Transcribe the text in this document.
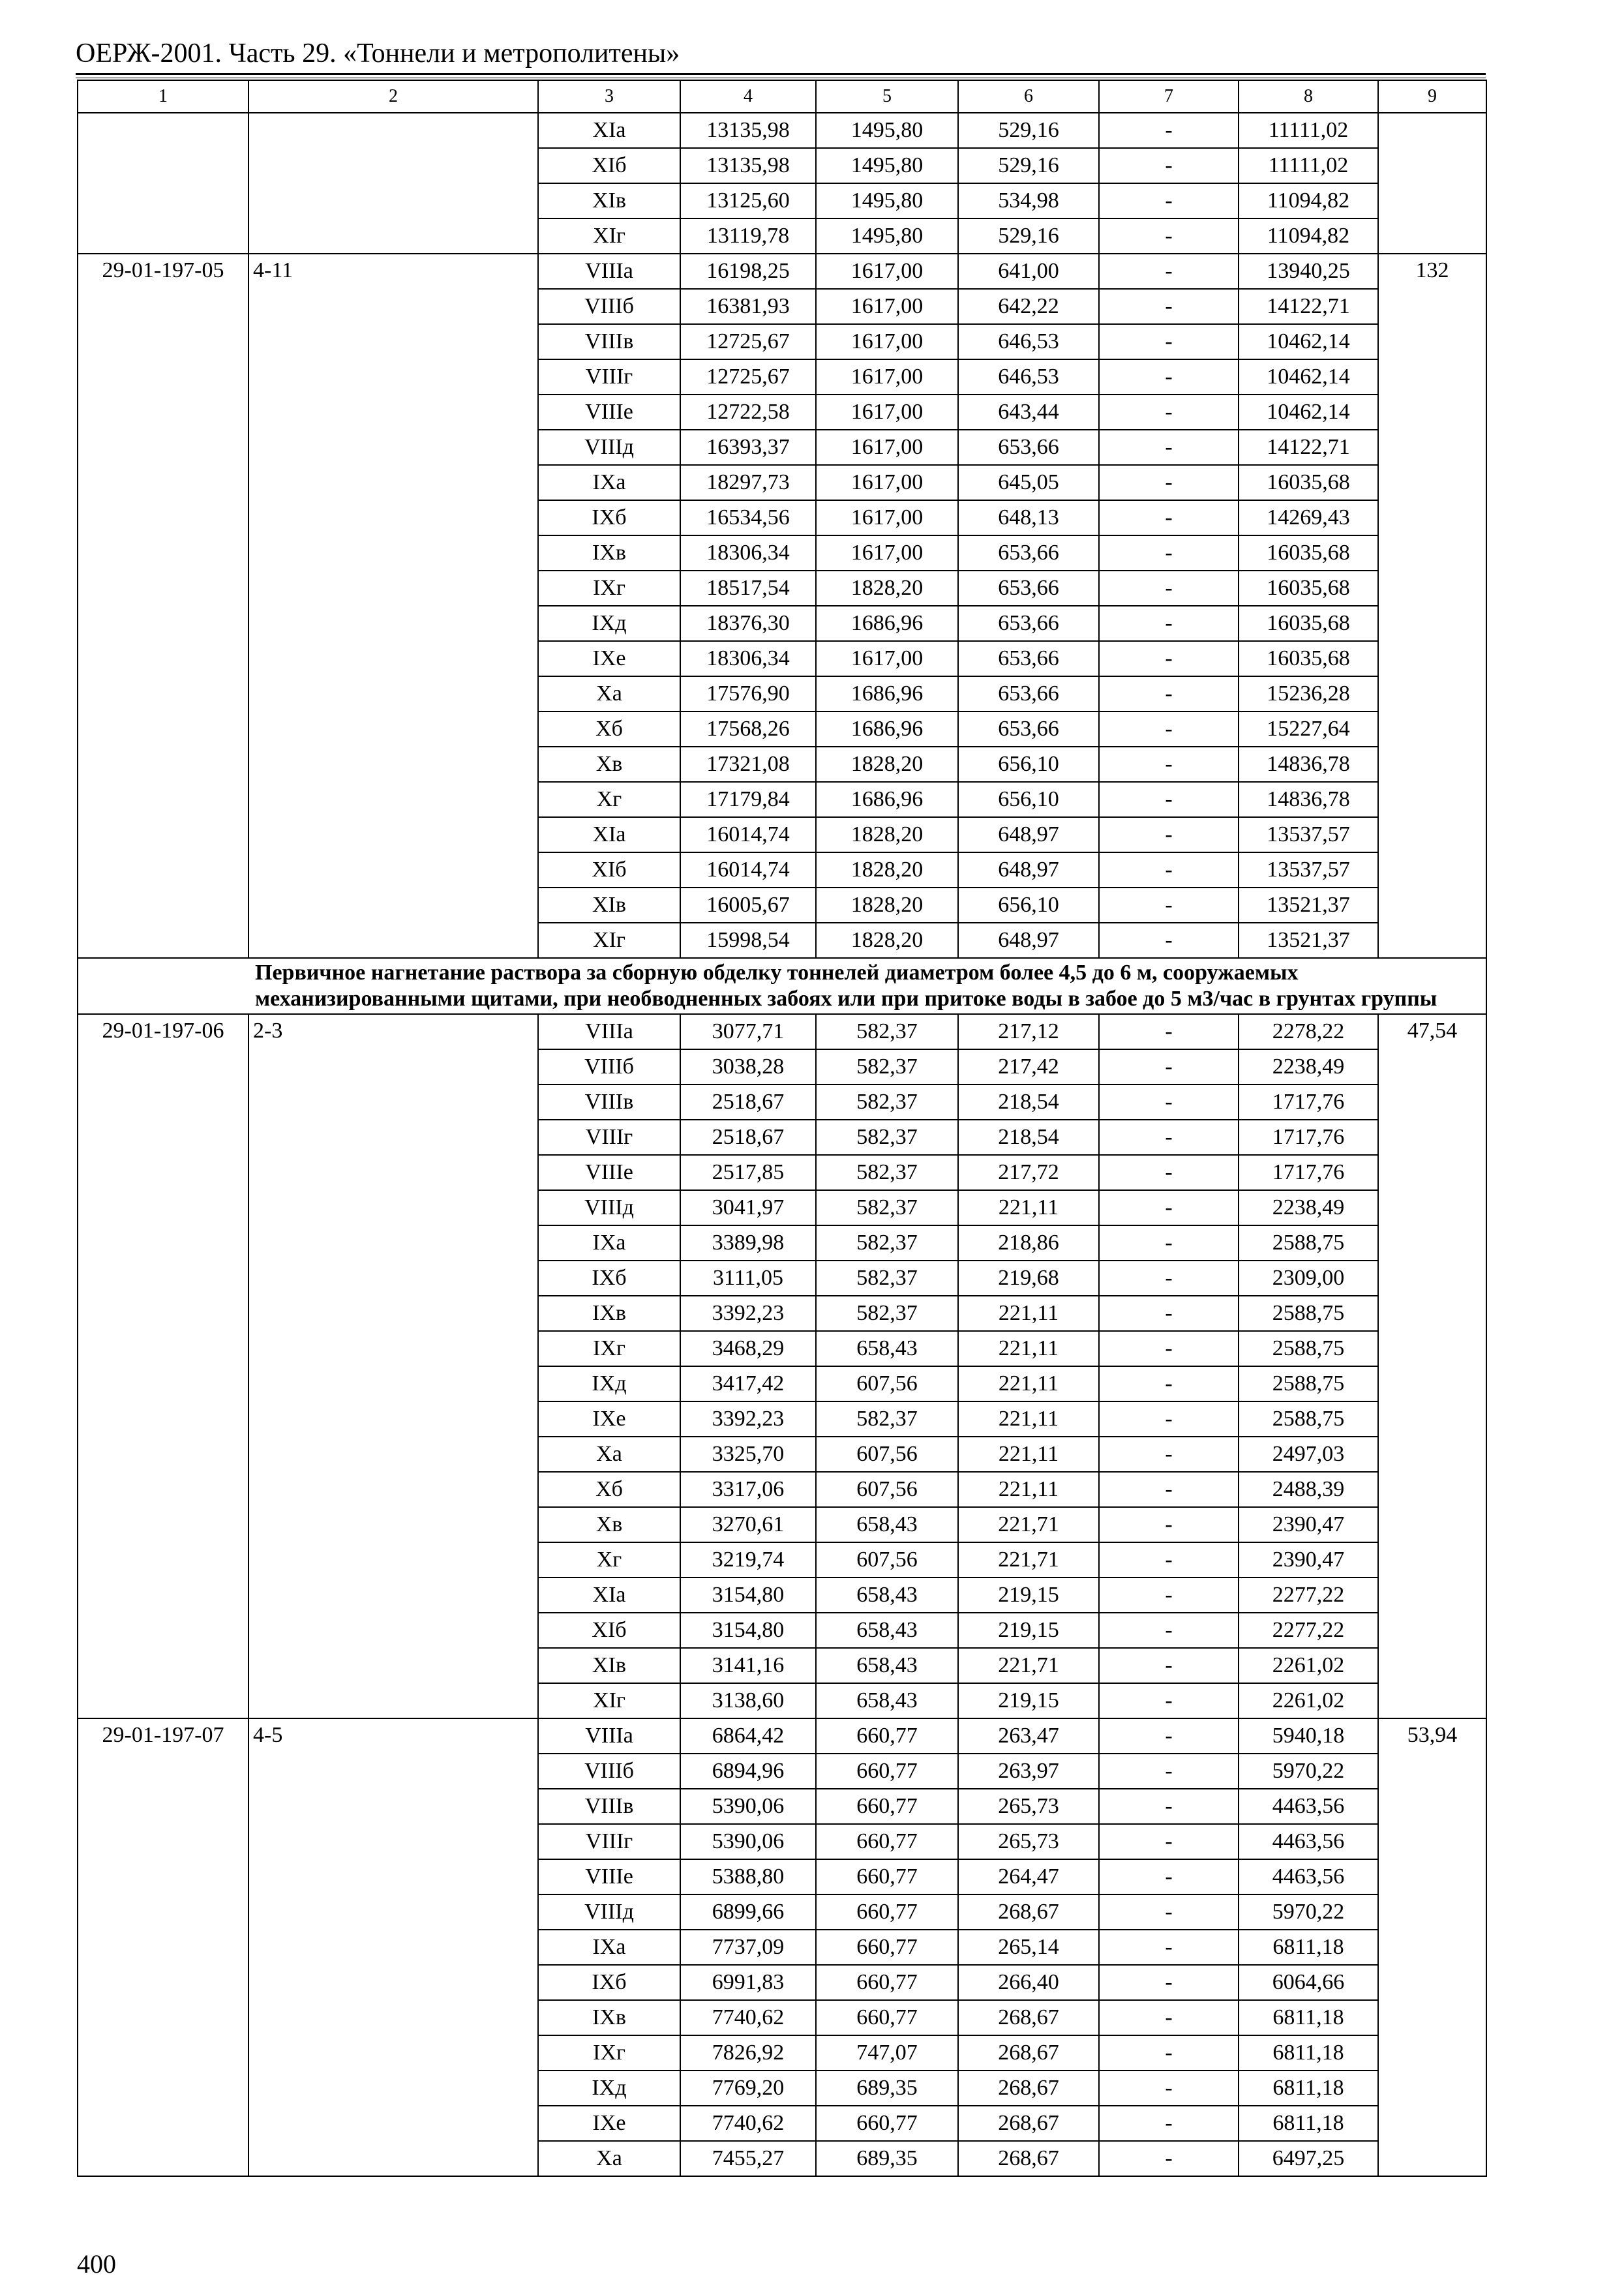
ОЕРЖ-2001. Часть 29. «Тоннели и метрополитены»
1	2	3	4	5	6	7	8	9
		XIа	13135,98	1495,80	529,16	-	11111,02	
		XIб	13135,98	1495,80	529,16	-	11111,02	
		XIв	13125,60	1495,80	534,98	-	11094,82	
		XIг	13119,78	1495,80	529,16	-	11094,82	
29-01-197-05	4-11	VIIIа	16198,25	1617,00	641,00	-	13940,25	132
		VIIIб	16381,93	1617,00	642,22	-	14122,71	
		VIIIв	12725,67	1617,00	646,53	-	10462,14	
		VIIIг	12725,67	1617,00	646,53	-	10462,14	
		VIIIе	12722,58	1617,00	643,44	-	10462,14	
		VIIIд	16393,37	1617,00	653,66	-	14122,71	
		IXа	18297,73	1617,00	645,05	-	16035,68	
		IXб	16534,56	1617,00	648,13	-	14269,43	
		IXв	18306,34	1617,00	653,66	-	16035,68	
		IXг	18517,54	1828,20	653,66	-	16035,68	
		IXд	18376,30	1686,96	653,66	-	16035,68	
		IXе	18306,34	1617,00	653,66	-	16035,68	
		Xа	17576,90	1686,96	653,66	-	15236,28	
		Xб	17568,26	1686,96	653,66	-	15227,64	
		Xв	17321,08	1828,20	656,10	-	14836,78	
		Xг	17179,84	1686,96	656,10	-	14836,78	
		XIа	16014,74	1828,20	648,97	-	13537,57	
		XIб	16014,74	1828,20	648,97	-	13537,57	
		XIв	16005,67	1828,20	656,10	-	13521,37	
		XIг	15998,54	1828,20	648,97	-	13521,37	
	Первичное нагнетание раствора за сборную обделку тоннелей диаметром более 4,5 до 6 м, сооружаемых механизированными щитами, при необводненных забоях или при притоке воды в забое до 5 м3/час в грунтах группы							
29-01-197-06	2-3	VIIIа	3077,71	582,37	217,12	-	2278,22	47,54
		VIIIб	3038,28	582,37	217,42	-	2238,49	
		VIIIв	2518,67	582,37	218,54	-	1717,76	
		VIIIг	2518,67	582,37	218,54	-	1717,76	
		VIIIе	2517,85	582,37	217,72	-	1717,76	
		VIIIд	3041,97	582,37	221,11	-	2238,49	
		IXа	3389,98	582,37	218,86	-	2588,75	
		IXб	3111,05	582,37	219,68	-	2309,00	
		IXв	3392,23	582,37	221,11	-	2588,75	
		IXг	3468,29	658,43	221,11	-	2588,75	
		IXд	3417,42	607,56	221,11	-	2588,75	
		IXе	3392,23	582,37	221,11	-	2588,75	
		Xа	3325,70	607,56	221,11	-	2497,03	
		Xб	3317,06	607,56	221,11	-	2488,39	
		Xв	3270,61	658,43	221,71	-	2390,47	
		Xг	3219,74	607,56	221,71	-	2390,47	
		XIа	3154,80	658,43	219,15	-	2277,22	
		XIб	3154,80	658,43	219,15	-	2277,22	
		XIв	3141,16	658,43	221,71	-	2261,02	
		XIг	3138,60	658,43	219,15	-	2261,02	
29-01-197-07	4-5	VIIIа	6864,42	660,77	263,47	-	5940,18	53,94
		VIIIб	6894,96	660,77	263,97	-	5970,22	
		VIIIв	5390,06	660,77	265,73	-	4463,56	
		VIIIг	5390,06	660,77	265,73	-	4463,56	
		VIIIе	5388,80	660,77	264,47	-	4463,56	
		VIIIд	6899,66	660,77	268,67	-	5970,22	
		IXа	7737,09	660,77	265,14	-	6811,18	
		IXб	6991,83	660,77	266,40	-	6064,66	
		IXв	7740,62	660,77	268,67	-	6811,18	
		IXг	7826,92	747,07	268,67	-	6811,18	
		IXд	7769,20	689,35	268,67	-	6811,18	
		IXе	7740,62	660,77	268,67	-	6811,18	
		Xа	7455,27	689,35	268,67	-	6497,25	
400
